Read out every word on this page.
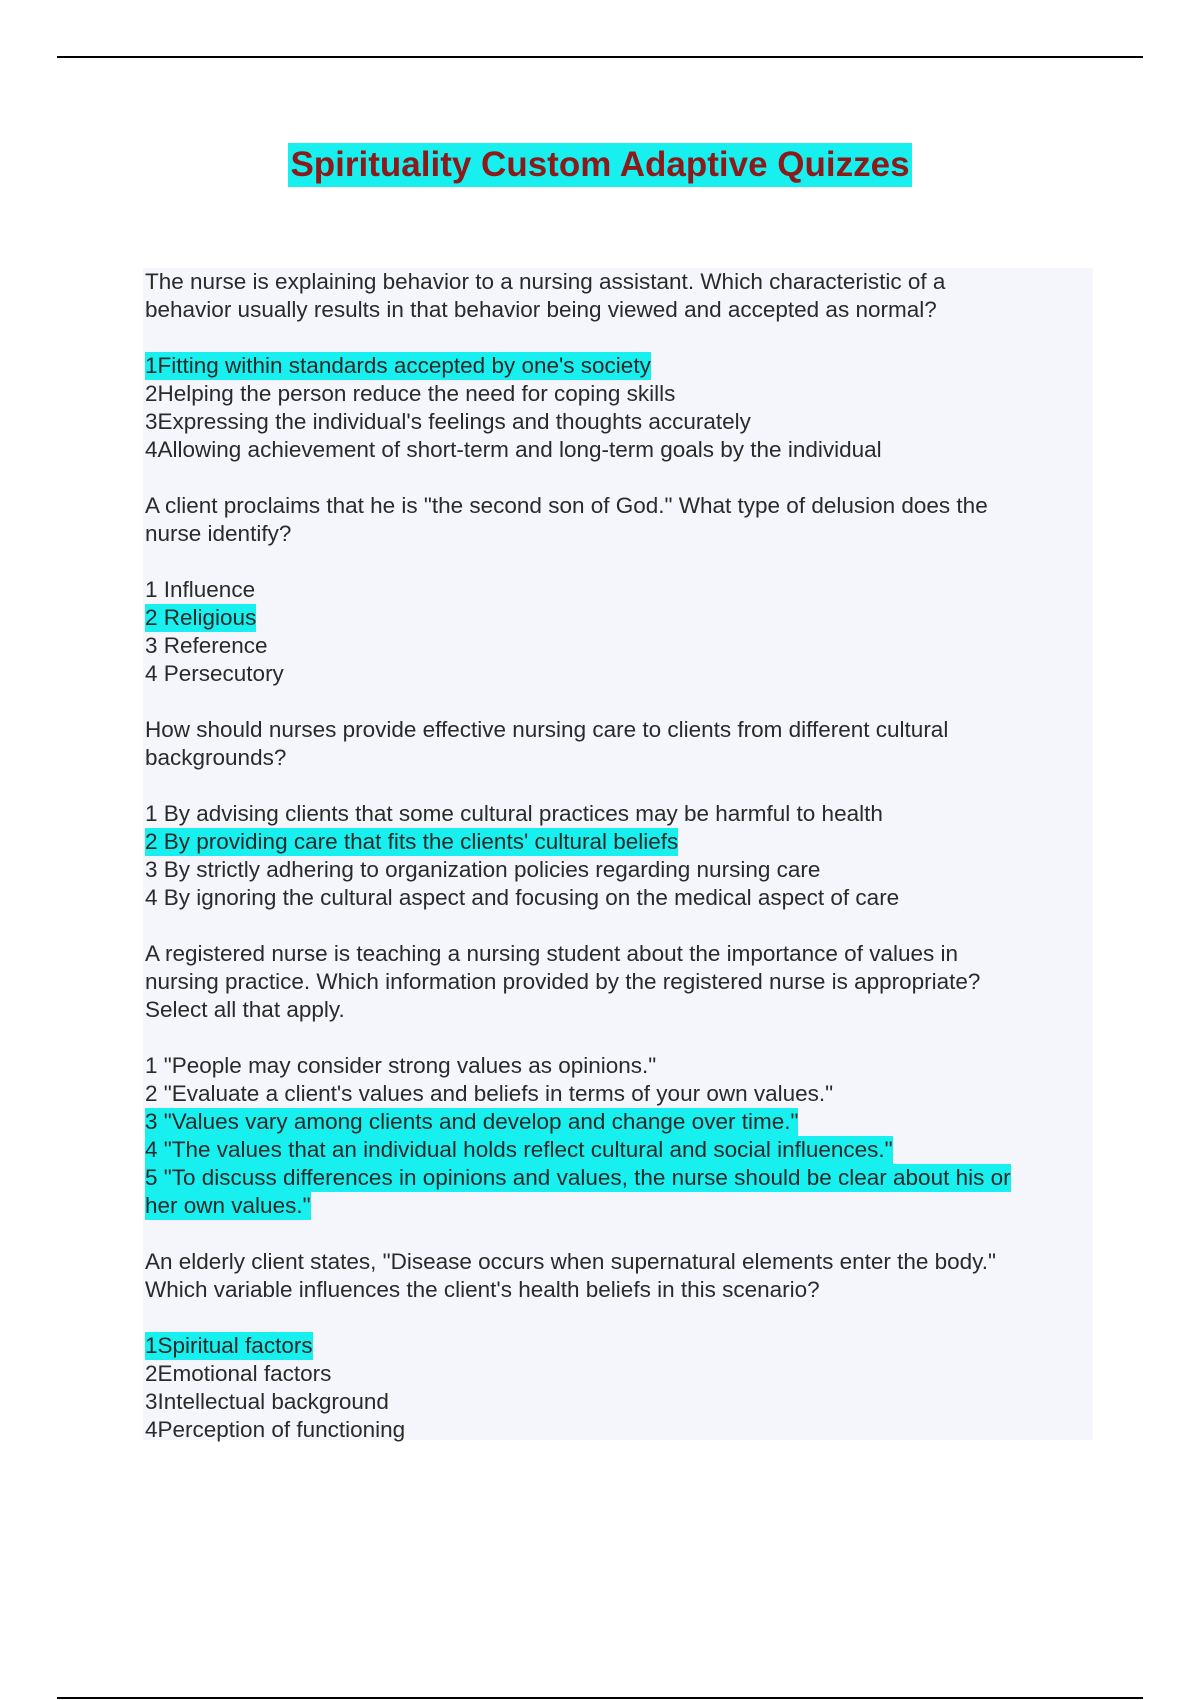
Spirituality Custom Adaptive Quizzes
The nurse is explaining behavior to a nursing assistant. Which characteristic of a
behavior usually results in that behavior being viewed and accepted as normal?
1Fitting within standards accepted by one's society
2Helping the person reduce the need for coping skills
3Expressing the individual's feelings and thoughts accurately
4Allowing achievement of short-term and long-term goals by the individual
A client proclaims that he is "the second son of God." What type of delusion does the
nurse identify?
1 Influence
2 Religious
3 Reference
4 Persecutory
How should nurses provide effective nursing care to clients from different cultural
backgrounds?
1 By advising clients that some cultural practices may be harmful to health
2 By providing care that fits the clients' cultural beliefs
3 By strictly adhering to organization policies regarding nursing care
4 By ignoring the cultural aspect and focusing on the medical aspect of care
A registered nurse is teaching a nursing student about the importance of values in
nursing practice. Which information provided by the registered nurse is appropriate?
Select all that apply.
1 "People may consider strong values as opinions."
2 "Evaluate a client's values and beliefs in terms of your own values."
3 "Values vary among clients and develop and change over time."
4 "The values that an individual holds reflect cultural and social influences."
5 "To discuss differences in opinions and values, the nurse should be clear about his or
her own values."
An elderly client states, "Disease occurs when supernatural elements enter the body."
Which variable influences the client's health beliefs in this scenario?
1Spiritual factors
2Emotional factors
3Intellectual background
4Perception of functioning
